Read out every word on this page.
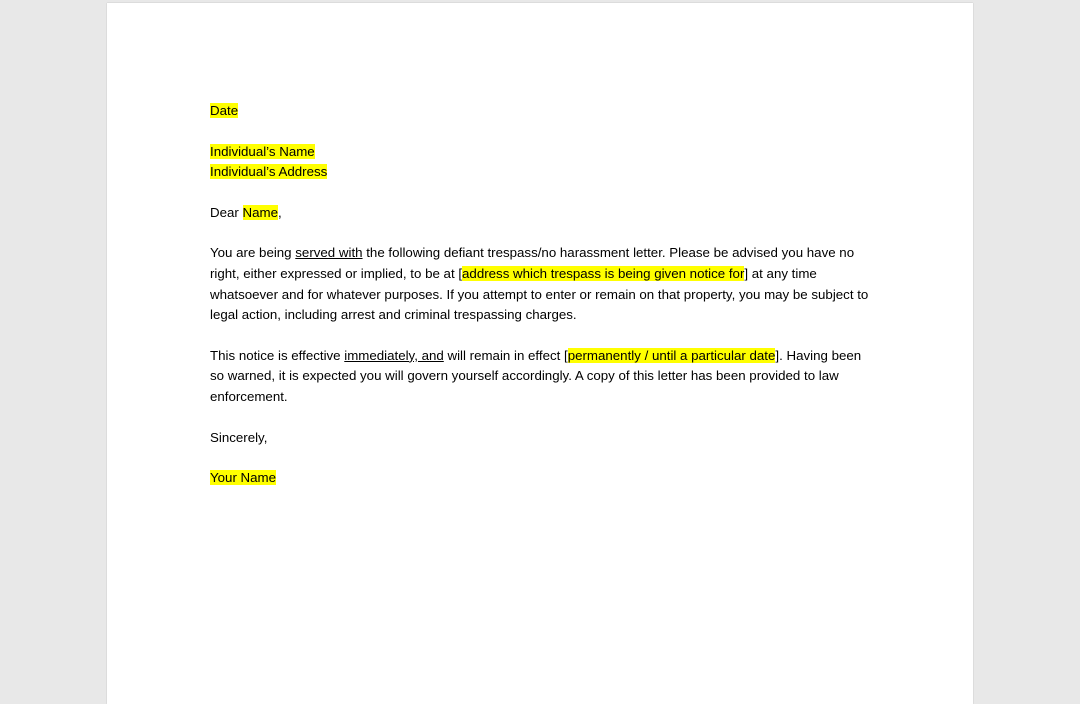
Date

Individual’s Name

Individual’s Address

Dear Name,

You are being served with the following defiant trespass/no harassment letter. Please be advised you have no right, either expressed or implied, to be at [address which trespass is being given notice for] at any time whatsoever and for whatever purposes. If you attempt to enter or remain on that property, you may be subject to legal action, including arrest and criminal trespassing charges.

This notice is effective immediately, and will remain in effect [permanently / until a particular date]. Having been so warned, it is expected you will govern yourself accordingly. A copy of this letter has been provided to law enforcement.

Sincerely,

Your Name
